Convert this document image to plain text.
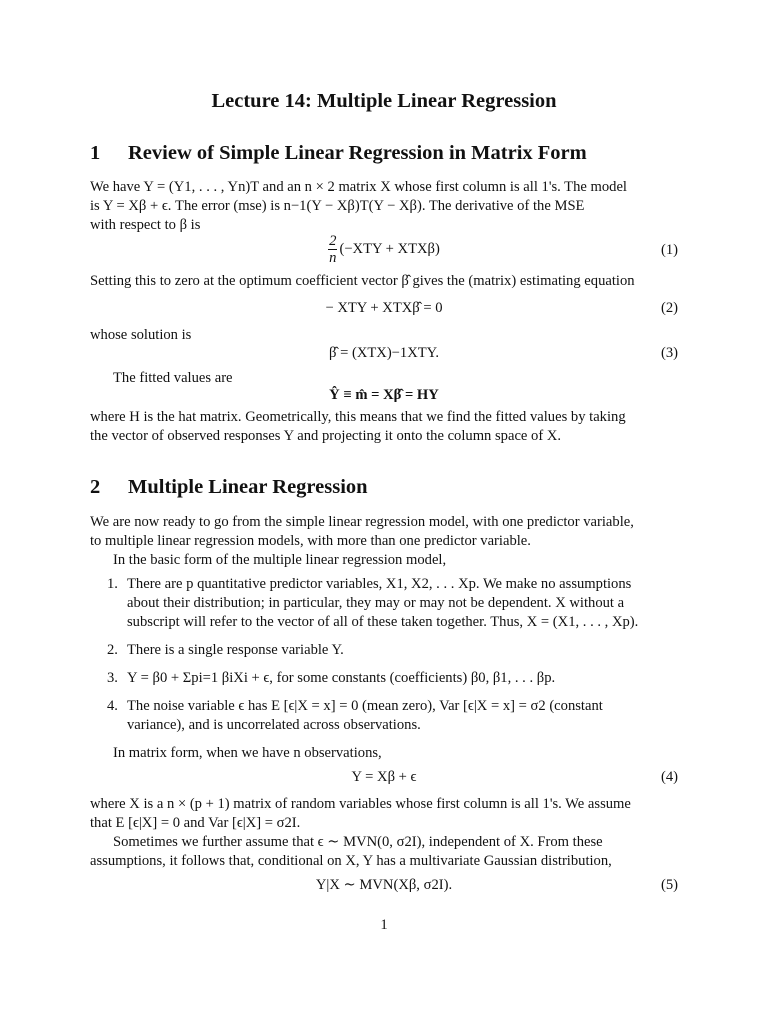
Lecture 14: Multiple Linear Regression
1 Review of Simple Linear Regression in Matrix Form
We have Y = (Y1, . . . , Yn)T and an n × 2 matrix X whose first column is all 1's. The model
is Y = Xβ + ϵ. The error (mse) is n−1(Y − Xβ)T(Y − Xβ). The derivative of the MSE
with respect to β is
$\frac{2}{n} (-XTY + XTX\beta)$	(1)
Setting this to zero at the optimum coefficient vector β̂ gives the (matrix) estimating equation
− XTY + XTXβ̂ = 0	(2)
whose solution is
β̂ = (XTX)−1XTY.	(3)
The fitted values are
Ŷ ≡ m̂ = Xβ̂ = HY
where H is the hat matrix. Geometrically, this means that we find the fitted values by taking
the vector of observed responses Y and projecting it onto the column space of X.
2 Multiple Linear Regression
We are now ready to go from the simple linear regression model, with one predictor variable,
to multiple linear regression models, with more than one predictor variable.
In the basic form of the multiple linear regression model,
1. There are p quantitative predictor variables, X1, X2, . . . Xp. We make no assumptions
about their distribution; in particular, they may or may not be dependent. X without a
subscript will refer to the vector of all of these taken together. Thus, X = (X1, . . . , Xp).
2. There is a single response variable Y.
3. Y = β0 + Σpi=1 βiXi + ϵ, for some constants (coefficients) β0, β1, . . . βp.
4. The noise variable ϵ has E [ϵ|X = x] = 0 (mean zero), Var [ϵ|X = x] = σ2 (constant
variance), and is uncorrelated across observations.
In matrix form, when we have n observations,
Y = Xβ + ϵ	(4)
where X is a n × (p + 1) matrix of random variables whose first column is all 1's. We assume
that E [ϵ|X] = 0 and Var [ϵ|X] = σ2I.
Sometimes we further assume that ϵ ∼ MVN(0, σ2I), independent of X. From these
assumptions, it follows that, conditional on X, Y has a multivariate Gaussian distribution,
Y|X ∼ MVN(Xβ, σ2I).	(5)
1
